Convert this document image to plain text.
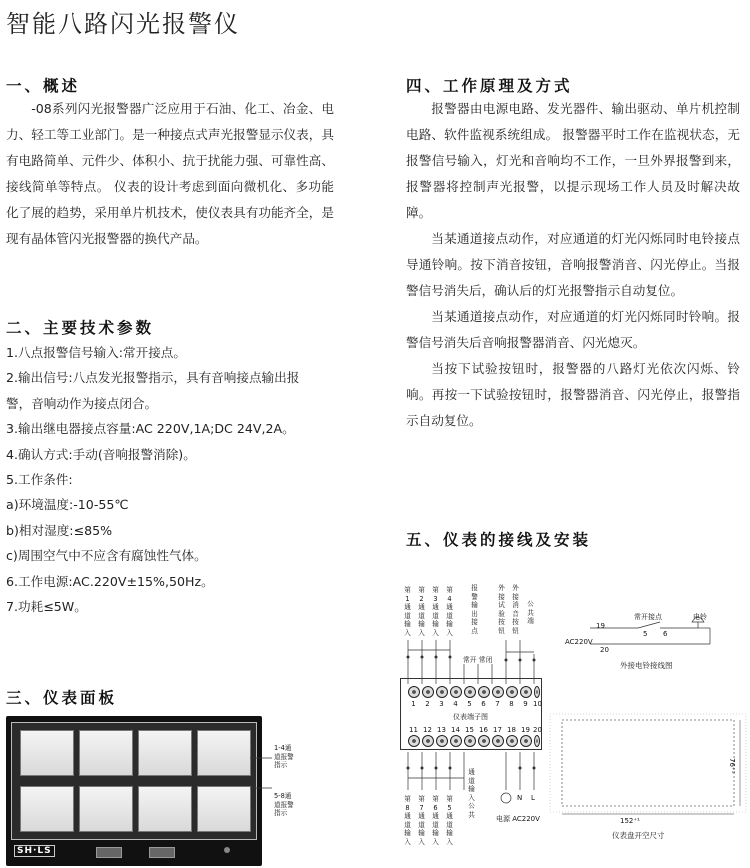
智能八路闪光报警仪
一、概述

-08系列闪光报警器广泛应用于石油、化工、冶金、电力、轻工等工业部门。是一种接点式声光报警显示仪表，具有电路简单、元件少、体积小、抗于扰能力强、可靠性高、接线简单等特点。 仪表的设计考虑到面向微机化、多功能化了展的趋势，采用单片机技术，使仪表具有功能齐全，是现有晶体管闪光报警器的换代产品。

二、主要技术参数
1.八点报警信号输入:常开接点。
2.输出信号:八点发光报警指示，具有音响接点输出报
警，音响动作为接点闭合。
3.输出继电器接点容量:AC 220V,1A;DC 24V,2A。
4.确认方式:手动(音响报警消除)。
5.工作条件:
a)环境温度:-10-55℃
b)相对湿度:≤85%
c)周围空气中不应含有腐蚀性气体。
6.工作电源:AC.220V±15%,50Hz。
7.功耗≤5W。
三、仪表面板
SH·LS
1-4通道报警指示
5-8通道报警指示
电源指示灯	消音	试验
四、工作原理及方式

报警器由电源电路、发光器件、输出驱动、单片机控制电路、软件监视系统组成。 报警器平时工作在监视状态，无报警信号输入，灯光和音响均不工作，一旦外界报警到来，报警器将控制声光报警，以提示现场工作人员及时解决故障。

当某通道接点动作，对应通道的灯光闪烁同时电铃接点导通铃响。按下消音按钮，音响报警消音、闪光停止。当报警信号消失后，确认后的灯光报警指示自动复位。

当某通道接点动作，对应通道的灯光闪烁同时铃响。报警信号消失后音响报警器消音、闪光熄灭。

当按下试验按钮时，报警器的八路灯光依次闪烁、铃响。再按一下试验按钮时，报警器消音、闪光停止，报警指示自动复位。

五、仪表的接线及安装
第1通道输入
第2通道输入
第3通道输入
第4通道输入
报警输出接点
外接试验按钮
外接消音按钮
公共端
常开 常闭
1	2	3	4	5	6	7	8	9 10
仪表端子图
11 12 13 14 15 16 17 18 19 20
第8通道输入
第7通道输入
第6通道输入
第5通道输入
通道输入公共
N L
电源 AC220V
19
20
AC220V
常开接点
5 6
电铃
外接电铃接线图
152⁺¹
76⁺¹
仪表盘开空尺寸
